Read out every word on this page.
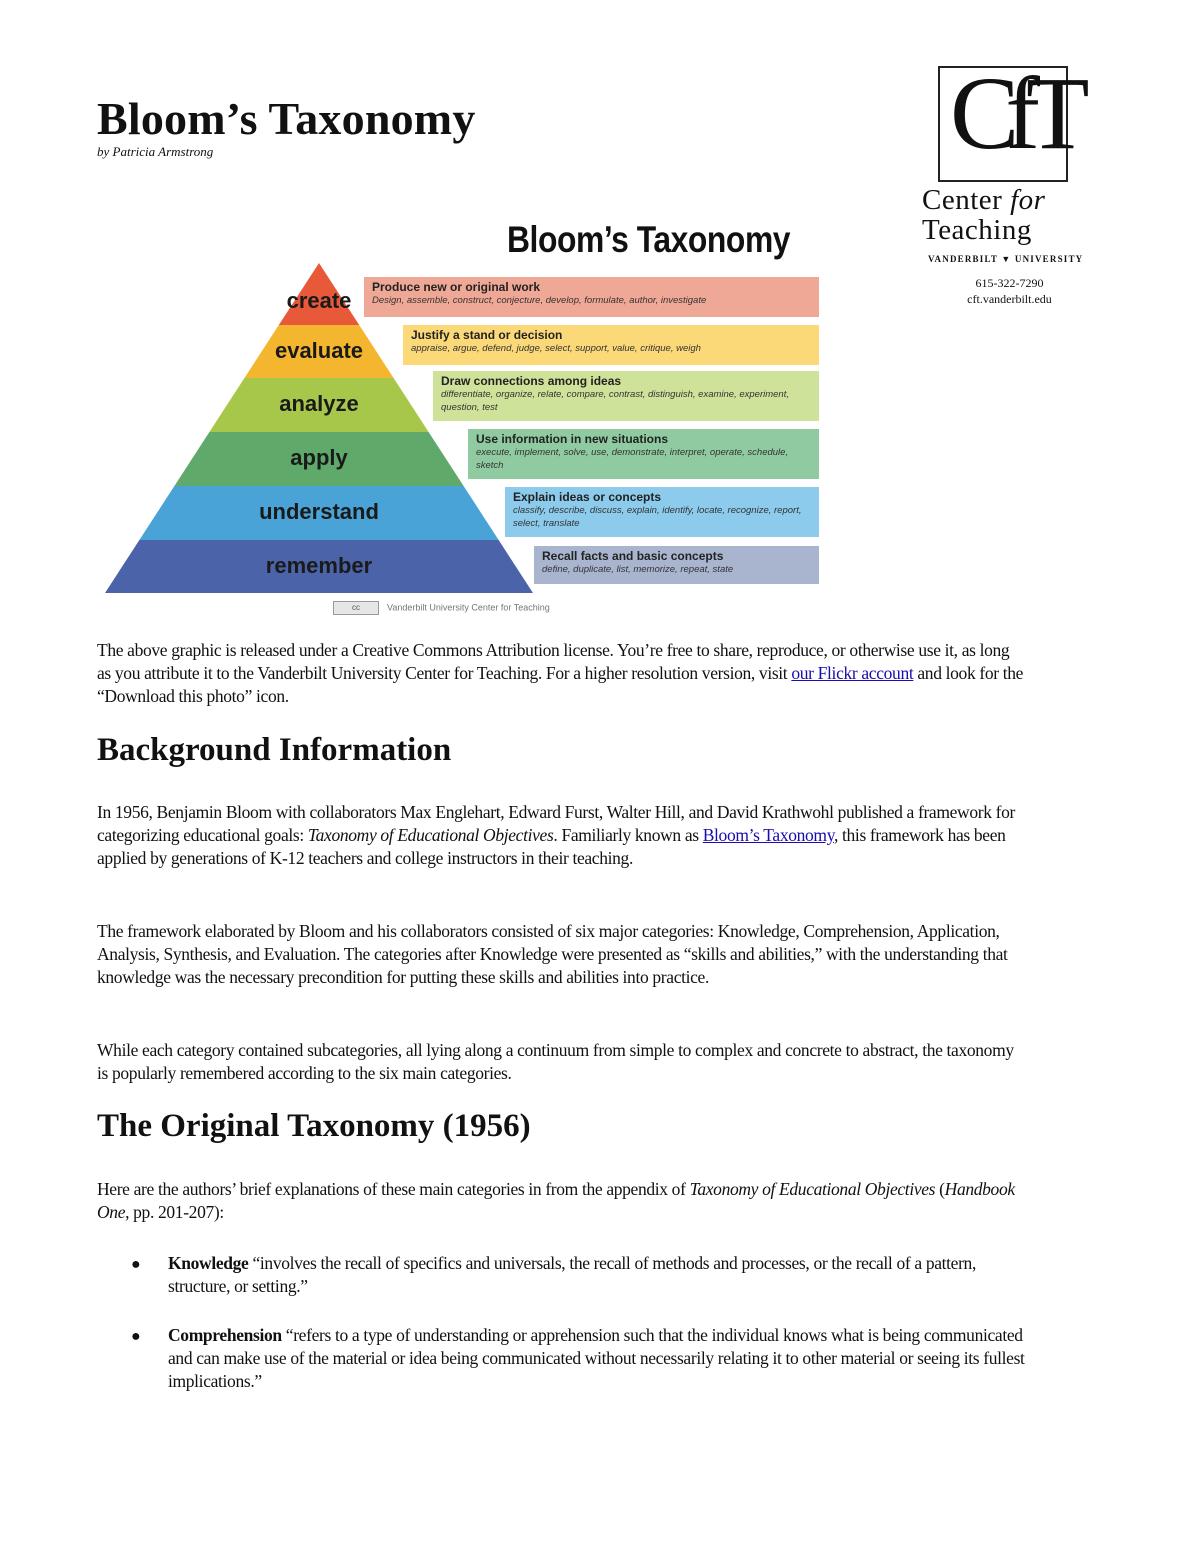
Bloom’s Taxonomy
by Patricia Armstrong	CfT
Center for
Teaching
VANDERBILT ▼ UNIVERSITY
615-322-7290
cft.vanderbilt.edu
Bloom’s Taxonomy
create
Produce new or original work
Design, assemble, construct, conjecture, develop, formulate, author, investigate
evaluate
Justify a stand or decision
appraise, argue, defend, judge, select, support, value, critique, weigh
analyze
Draw connections among ideas
differentiate, organize, relate, compare, contrast, distinguish, examine, experiment, question, test
apply
Use information in new situations
execute, implement, solve, use, demonstrate, interpret, operate, schedule, sketch
understand
Explain ideas or concepts
classify, describe, discuss, explain, identify, locate, recognize, report, select, translate
remember	Recall facts and basic concepts
define, duplicate, list, memorize, repeat, state
cc	Vanderbilt University Center for Teaching
The above graphic is released under a Creative Commons Attribution license. You’re free to share, reproduce, or otherwise use it, as long as you attribute it to the Vanderbilt University Center for Teaching. For a higher resolution version, visit our Flickr account and look for the “Download this photo” icon.
Background Information
In 1956, Benjamin Bloom with collaborators Max Englehart, Edward Furst, Walter Hill, and David Krathwohl published a framework for categorizing educational goals: Taxonomy of Educational Objectives. Familiarly known as Bloom’s Taxonomy, this framework has been applied by generations of K-12 teachers and college instructors in their teaching.
The framework elaborated by Bloom and his collaborators consisted of six major categories: Knowledge, Comprehension, Application, Analysis, Synthesis, and Evaluation. The categories after Knowledge were presented as “skills and abilities,” with the understanding that knowledge was the necessary precondition for putting these skills and abilities into practice.
While each category contained subcategories, all lying along a continuum from simple to complex and concrete to abstract, the taxonomy is popularly remembered according to the six main categories.
The Original Taxonomy (1956)
Here are the authors’ brief explanations of these main categories in from the appendix of Taxonomy of Educational Objectives (Handbook One, pp. 201-207):
● Knowledge “involves the recall of specifics and universals, the recall of methods and processes, or the recall of a pattern, structure, or setting.”
● Comprehension “refers to a type of understanding or apprehension such that the individual knows what is being communicated and can make use of the material or idea being communicated without necessarily relating it to other material or seeing its fullest implications.”
